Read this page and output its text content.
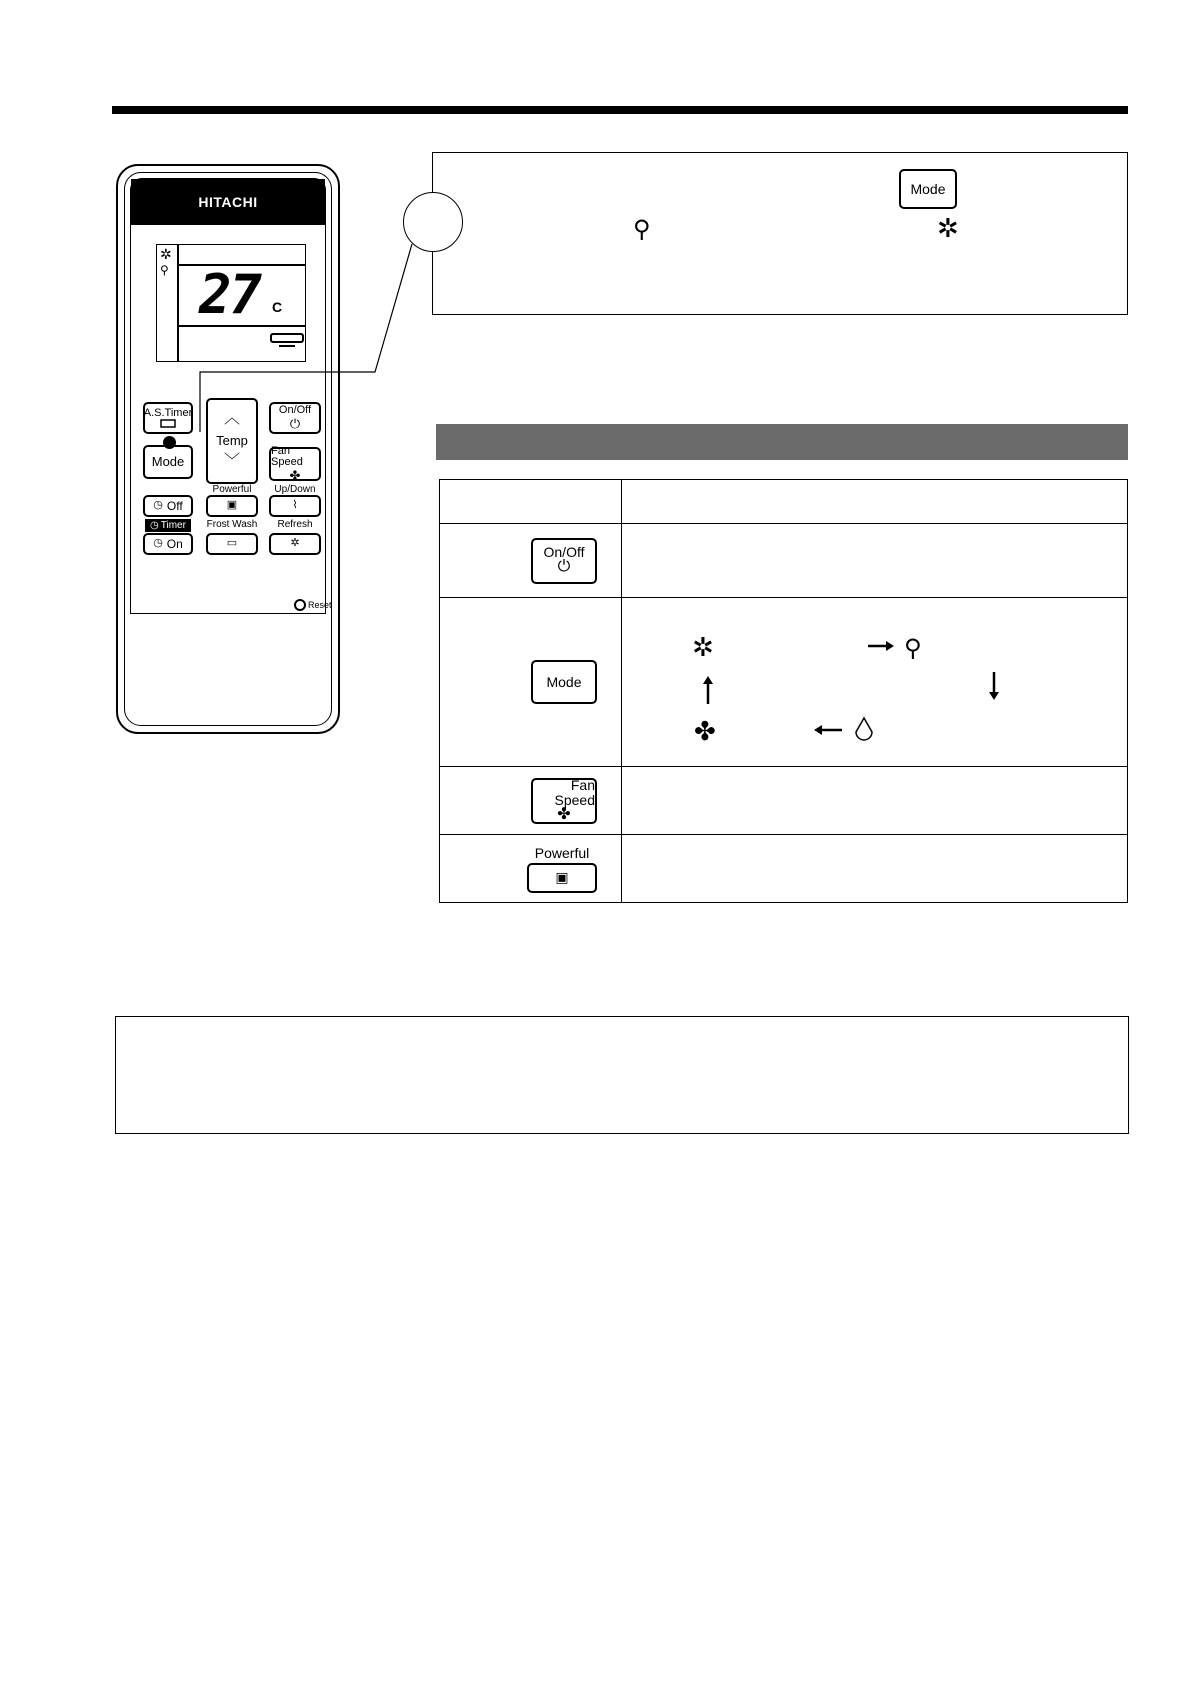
HITACHI
✲
⚲ 27 C
A.S.Timer ︿
Temp
﹀
On/Off
⏻
Mode
Fan Speed
✤
Powerful	Up/Down
◷ Off	▣	⌇
◷ Timer	Frost Wash	Refresh
◷ On	▭	✲
Reset
Mode
⚲	✲

On/Off
⏻	

Mode	✲ ⚲
✤

Fan Speed
✤	

Powerful
▣	
